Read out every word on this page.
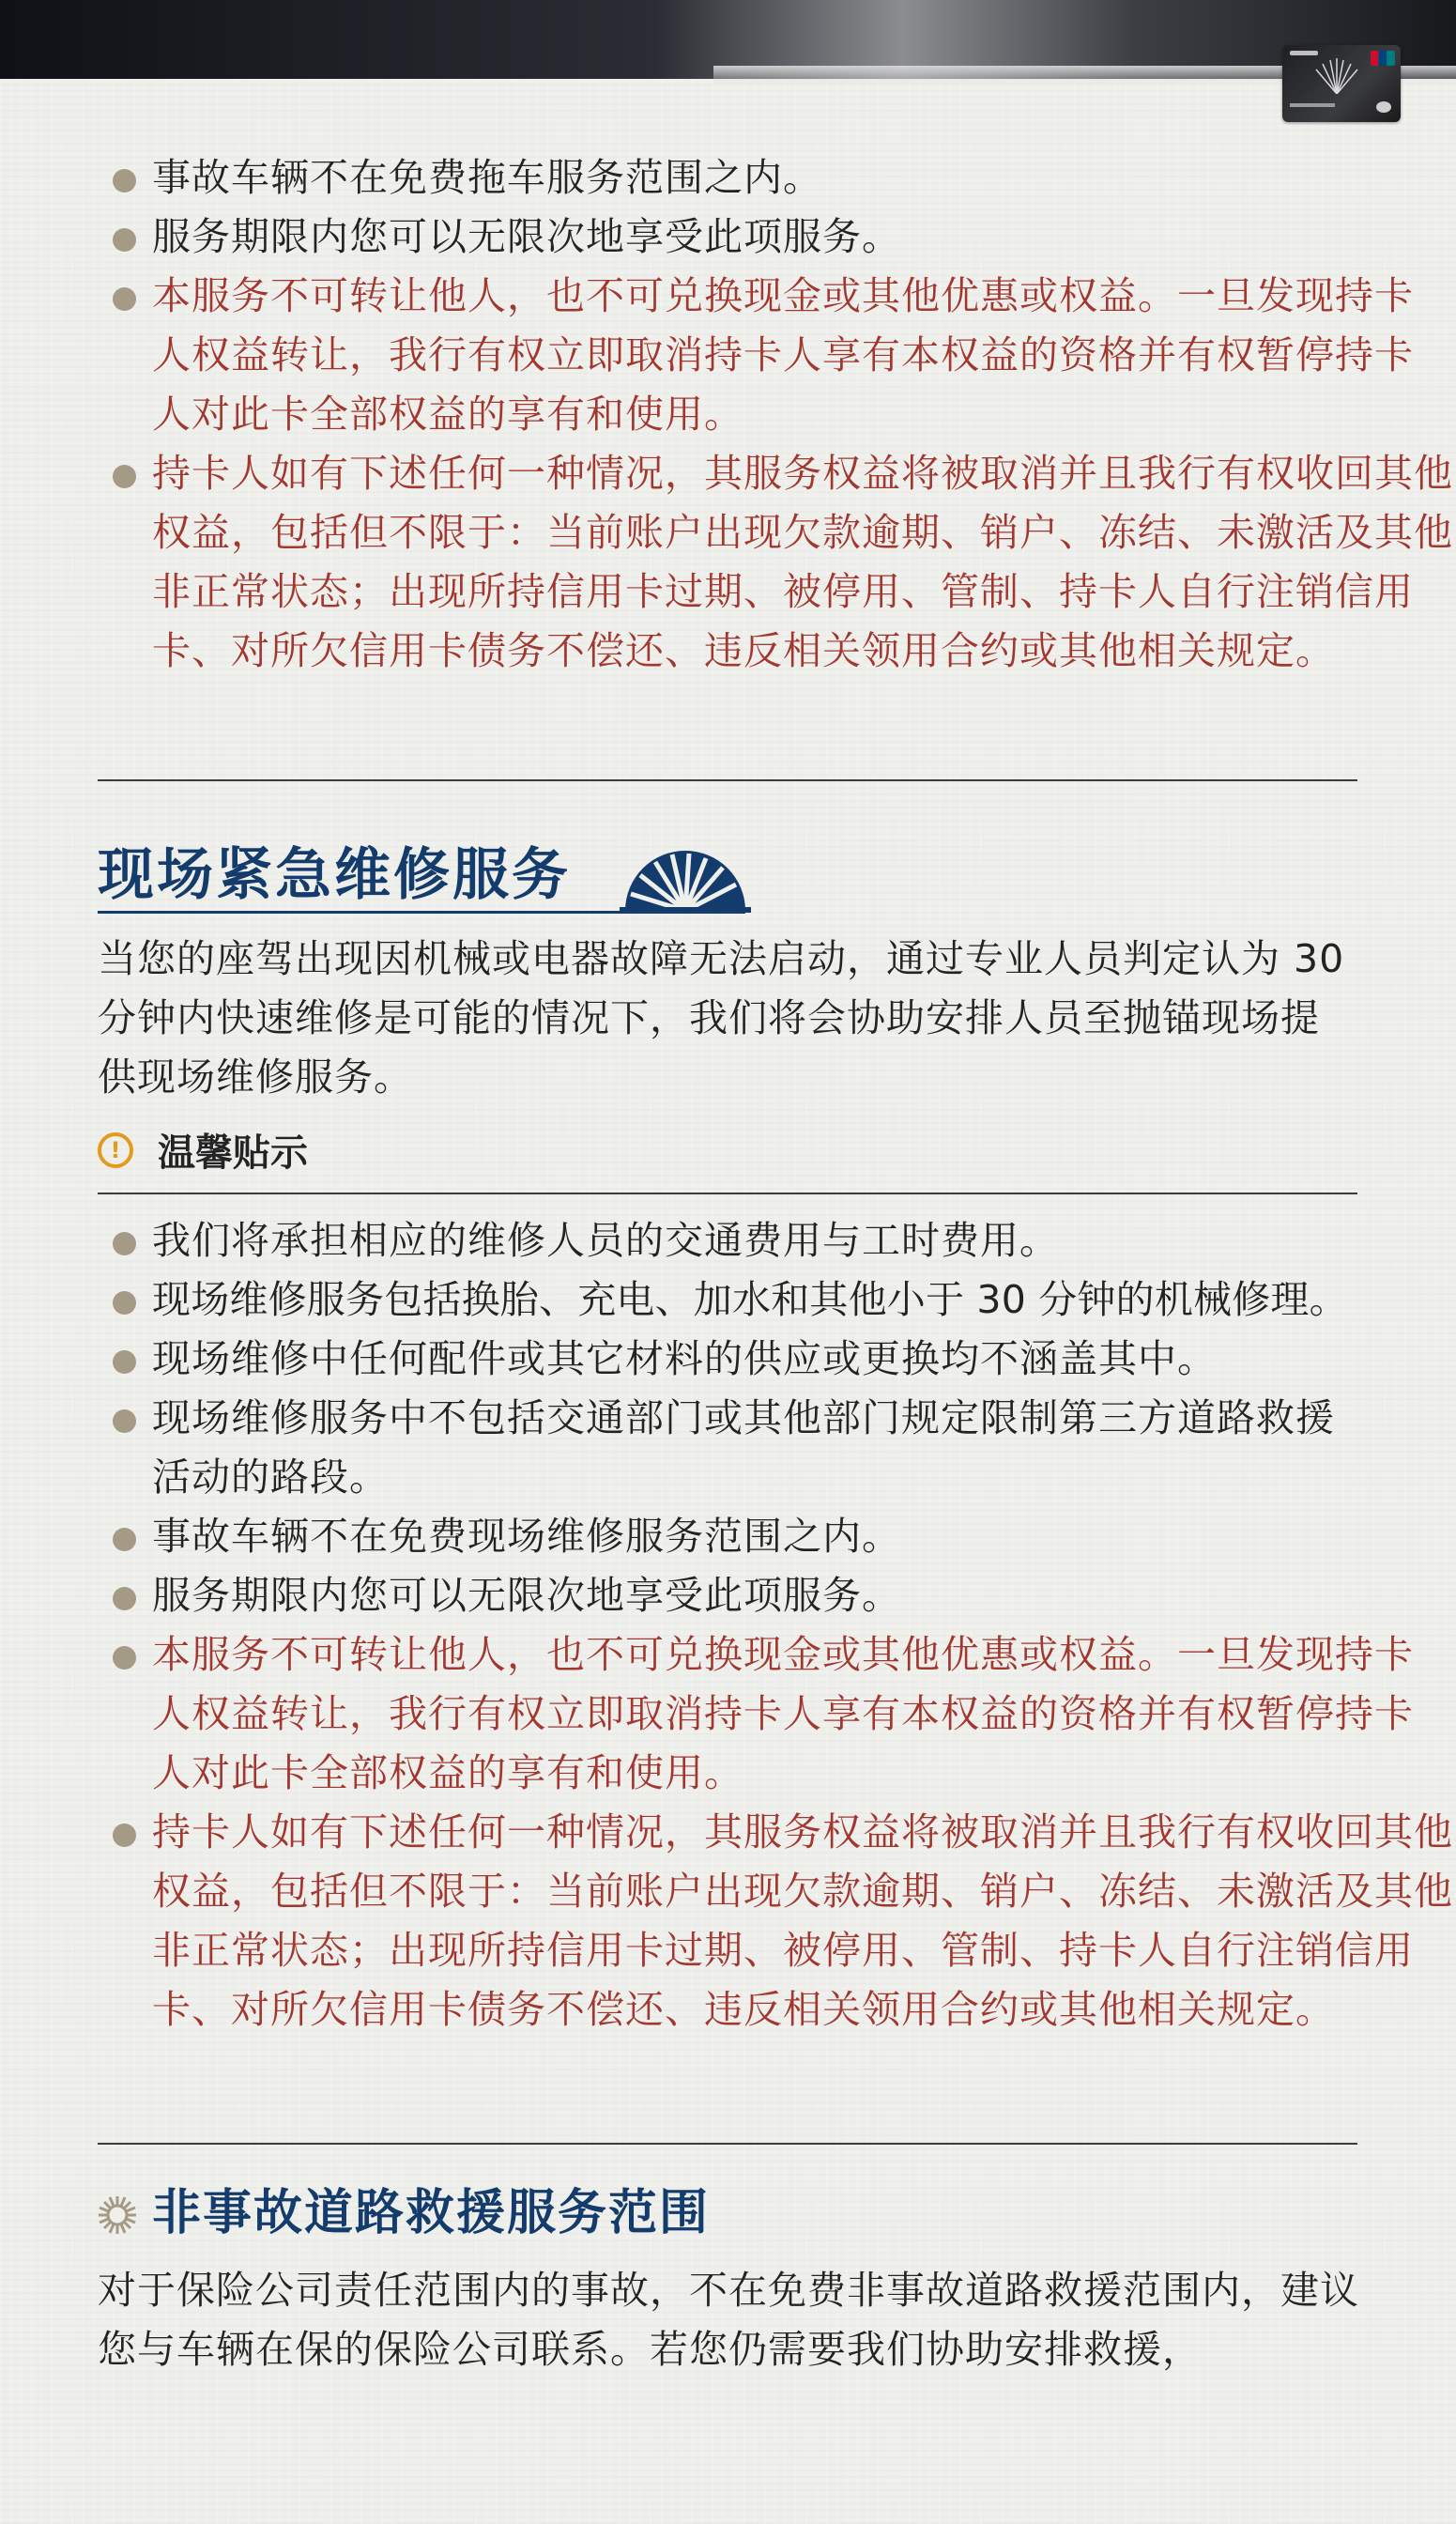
事故车辆不在免费拖车服务范围之内。
服务期限内您可以无限次地享受此项服务。
本服务不可转让他人，也不可兑换现金或其他优惠或权益。一旦发现持卡人权益转让，我行有权立即取消持卡人享有本权益的资格并有权暂停持卡人对此卡全部权益的享有和使用。
持卡人如有下述任何一种情况，其服务权益将被取消并且我行有权收回其他权益，包括但不限于：当前账户出现欠款逾期、销户、冻结、未激活及其他非正常状态；出现所持信用卡过期、被停用、管制、持卡人自行注销信用卡、对所欠信用卡债务不偿还、违反相关领用合约或其他相关规定。
现场紧急维修服务

当您的座驾出现因机械或电器故障无法启动，通过专业人员判定认为 30 分钟内快速维修是可能的情况下，我们将会协助安排人员至抛锚现场提供现场维修服务。

! 温馨贴示
我们将承担相应的维修人员的交通费用与工时费用。
现场维修服务包括换胎、充电、加水和其他小于 30 分钟的机械修理。
现场维修中任何配件或其它材料的供应或更换均不涵盖其中。
现场维修服务中不包括交通部门或其他部门规定限制第三方道路救援活动的路段。
事故车辆不在免费现场维修服务范围之内。
服务期限内您可以无限次地享受此项服务。
本服务不可转让他人，也不可兑换现金或其他优惠或权益。一旦发现持卡人权益转让，我行有权立即取消持卡人享有本权益的资格并有权暂停持卡人对此卡全部权益的享有和使用。
持卡人如有下述任何一种情况，其服务权益将被取消并且我行有权收回其他权益，包括但不限于：当前账户出现欠款逾期、销户、冻结、未激活及其他非正常状态；出现所持信用卡过期、被停用、管制、持卡人自行注销信用卡、对所欠信用卡债务不偿还、违反相关领用合约或其他相关规定。
非事故道路救援服务范围

对于保险公司责任范围内的事故，不在免费非事故道路救援范围内，建议您与车辆在保的保险公司联系。若您仍需要我们协助安排救援，
